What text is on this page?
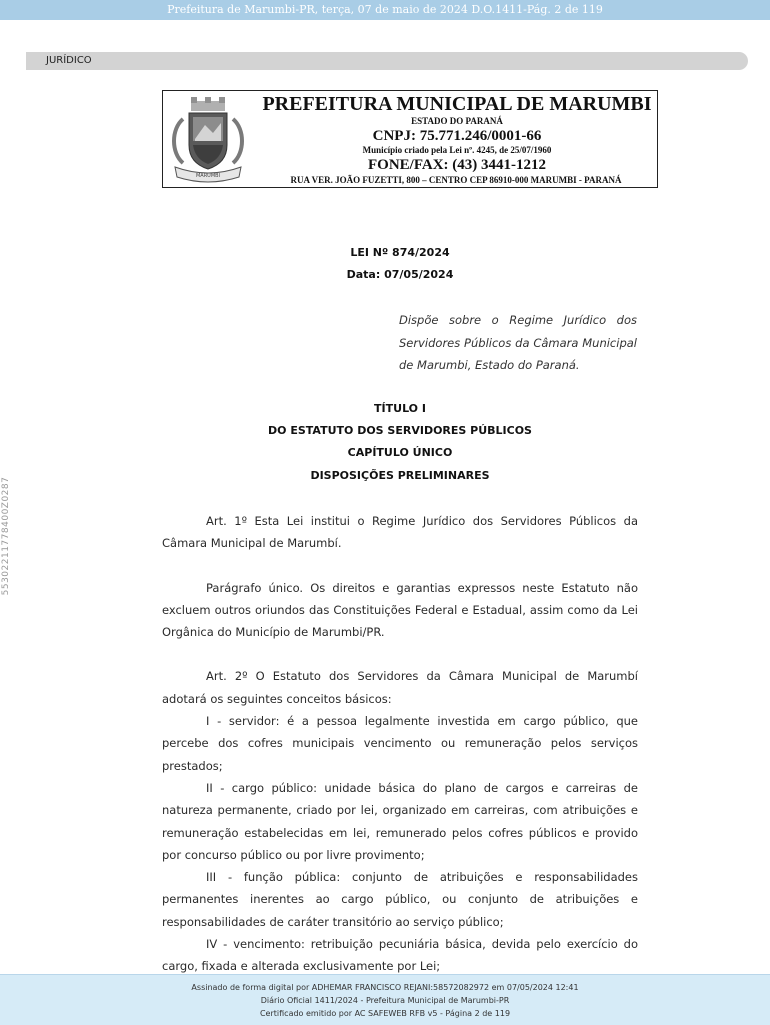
Prefeitura de Marumbi-PR, terça, 07 de maio de 2024 D.O.1411-Pág. 2 de 119
JURÍDICO
MARUMBI
PREFEITURA MUNICIPAL DE MARUMBI
ESTADO DO PARANÁ
CNPJ: 75.771.246/0001-66
Município criado pela Lei nº. 4245, de 25/07/1960
FONE/FAX: (43) 3441-1212
RUA VER. JOÃO FUZETTI, 800 – CENTRO CEP 86910-000 MARUMBI - PARANÁ
LEI Nº 874/2024
Data: 07/05/2024
Dispõe sobre o Regime Jurídico dos Servidores Públicos da Câmara Municipal de Marumbi, Estado do Paraná.
TÍTULO I
DO ESTATUTO DOS SERVIDORES PÚBLICOS
CAPÍTULO ÚNICO
DISPOSIÇÕES PRELIMINARES
55302211778400Z0287	Art. 1º Esta Lei institui o Regime Jurídico dos Servidores Públicos da Câmara Municipal de Marumbí.

Parágrafo único. Os direitos e garantias expressos neste Estatuto não excluem outros oriundos das Constituições Federal e Estadual, assim como da Lei Orgânica do Município de Marumbi/PR.

Art. 2º O Estatuto dos Servidores da Câmara Municipal de Marumbí adotará os seguintes conceitos básicos:

I - servidor: é a pessoa legalmente investida em cargo público, que percebe dos cofres municipais vencimento ou remuneração pelos serviços prestados;

II - cargo público: unidade básica do plano de cargos e carreiras de natureza permanente, criado por lei, organizado em carreiras, com atribuições e remuneração estabelecidas em lei, remunerado pelos cofres públicos e provido por concurso público ou por livre provimento;

III - função pública: conjunto de atribuições e responsabilidades permanentes inerentes ao cargo público, ou conjunto de atribuições e responsabilidades de caráter transitório ao serviço público;

IV - vencimento: retribuição pecuniária básica, devida pelo exercício do cargo, fixada e alterada exclusivamente por Lei;

Assinado de forma digital por ADHEMAR FRANCISCO REJANI:58572082972 em 07/05/2024 12:41
Diário Oficial 1411/2024 - Prefeitura Municipal de Marumbi-PR
Certificado emitido por AC SAFEWEB RFB v5 - Página 2 de 119
